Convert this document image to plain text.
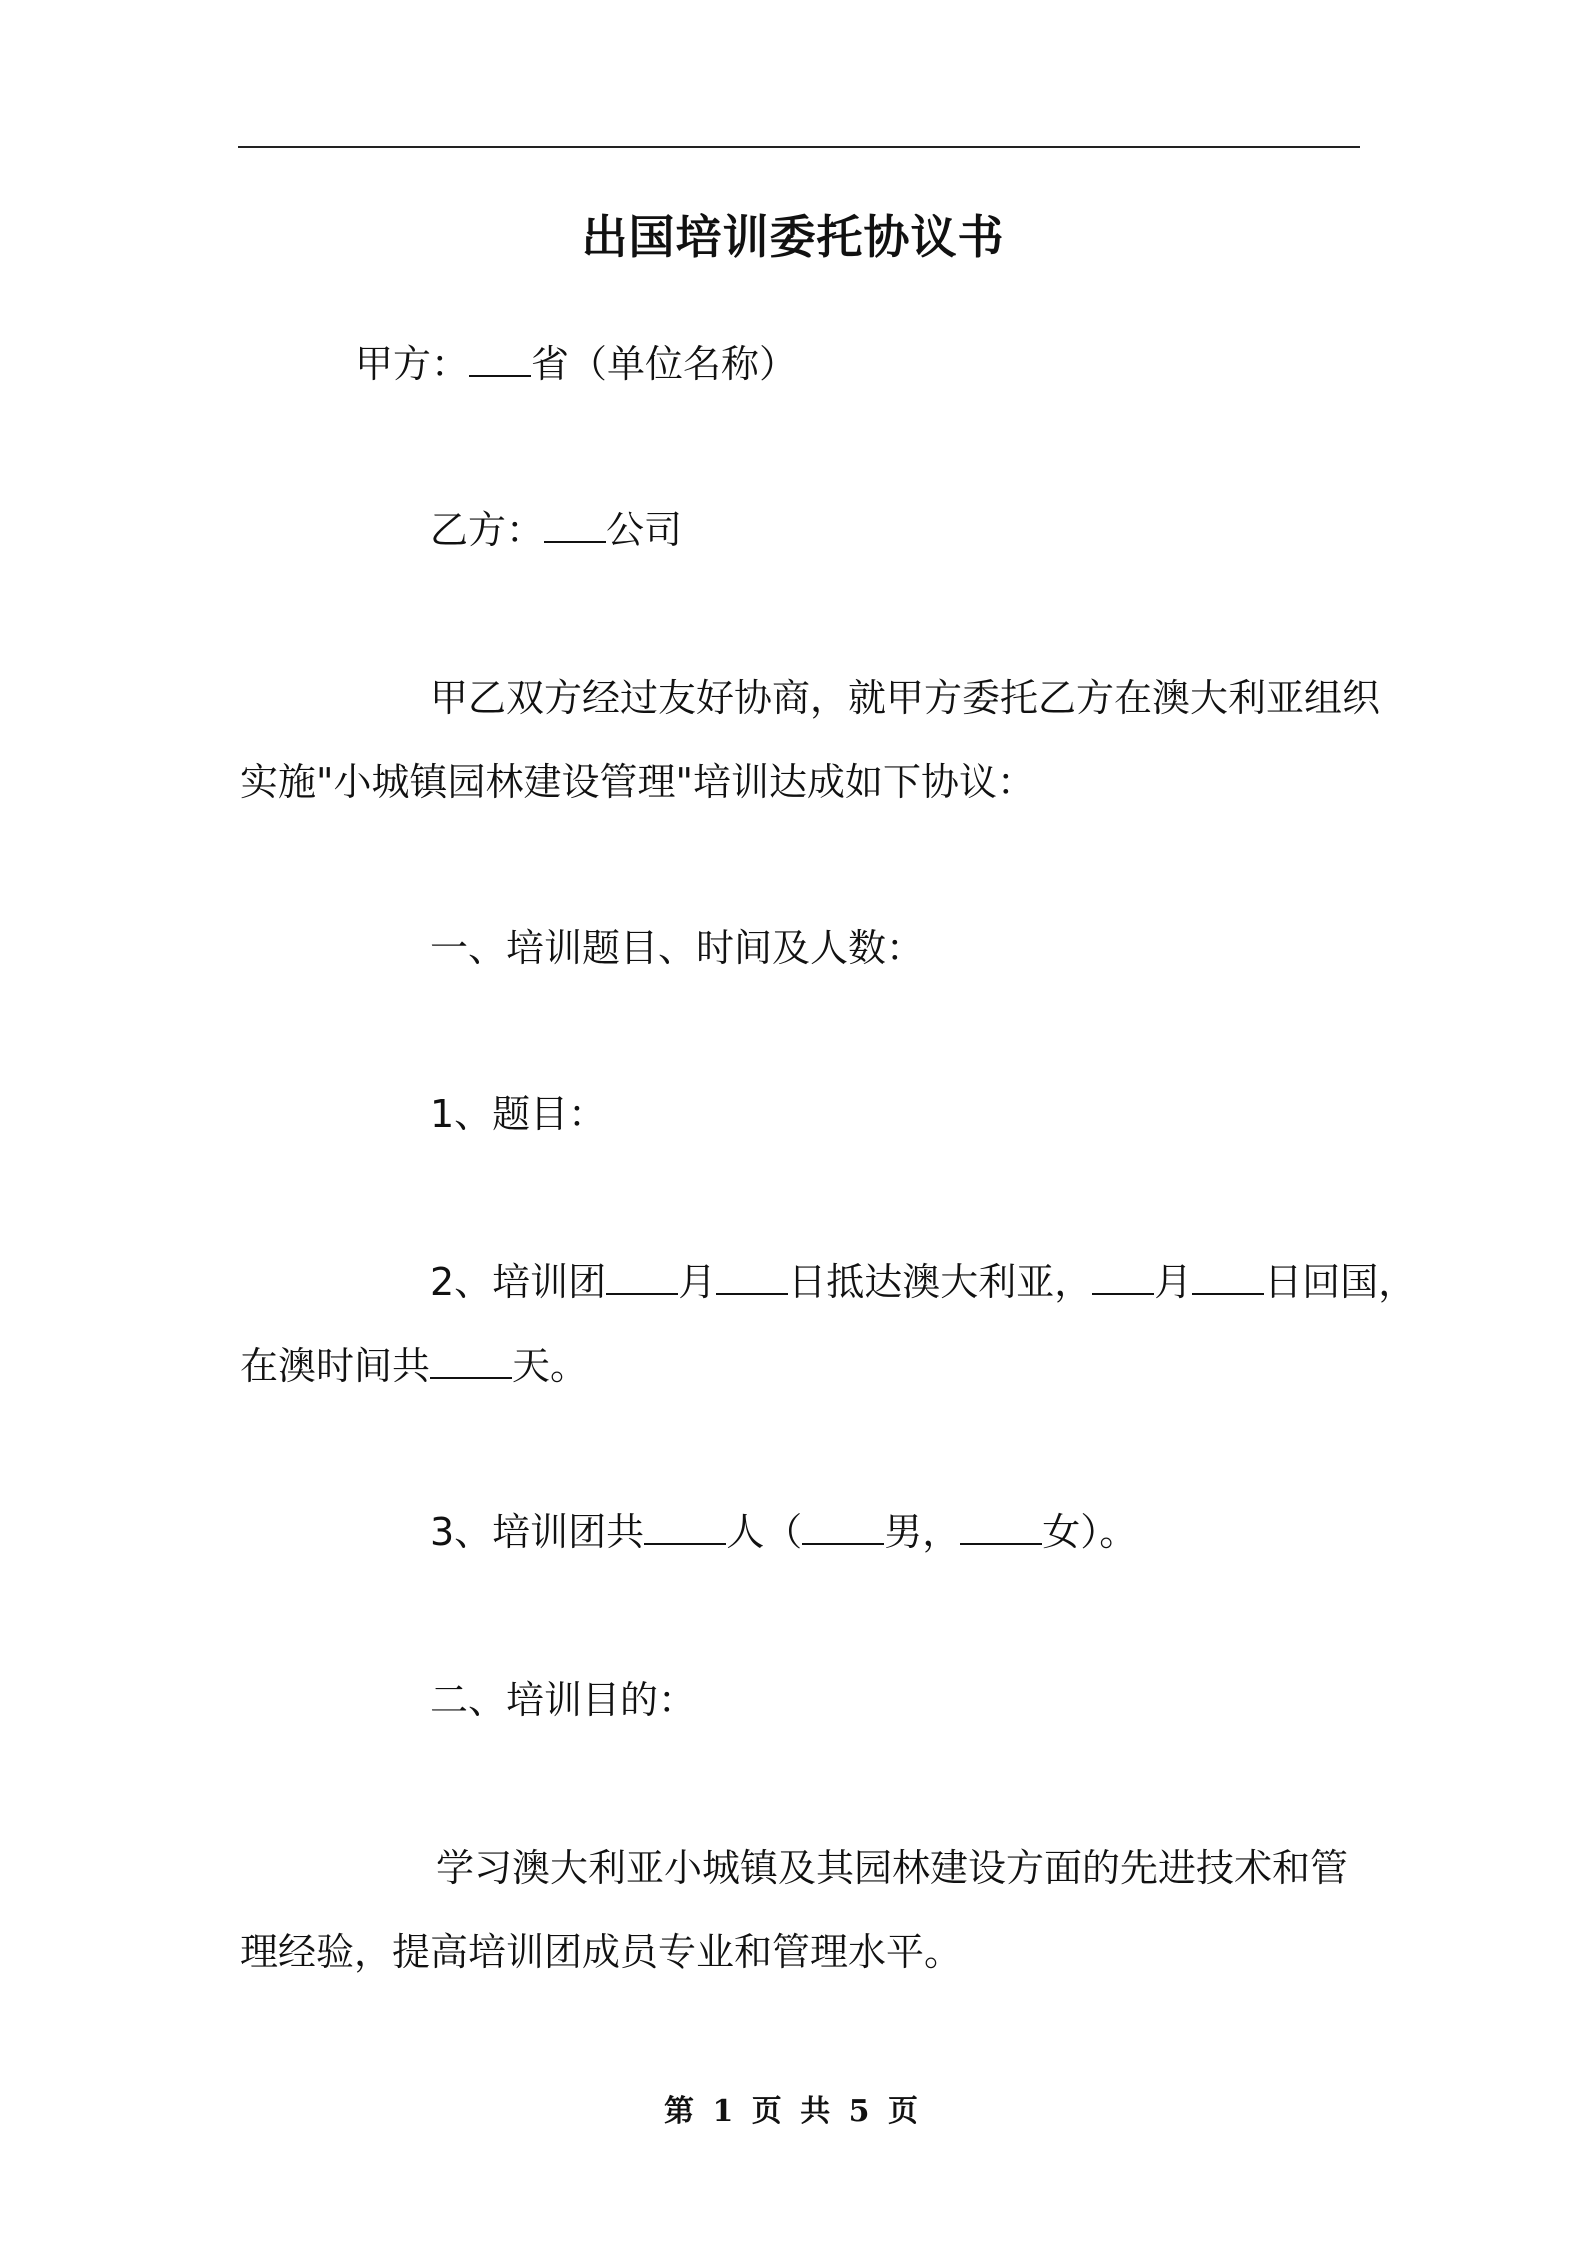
出国培训委托协议书
甲方： 省（单位名称）
乙方： 公司
甲乙双方经过友好协商，就甲方委托乙方在澳大利亚组织
实施"小城镇园林建设管理"培训达成如下协议：
一、培训题目、时间及人数：
1、题目：
2、培训团 月 日抵达澳大利亚， 月 日回国，
在澳时间共 天。
3、培训团共 人（ 男， 女）。
二、培训目的：
学习澳大利亚小城镇及其园林建设方面的先进技术和管
理经验，提高培训团成员专业和管理水平。
第 1 页 共 5 页
